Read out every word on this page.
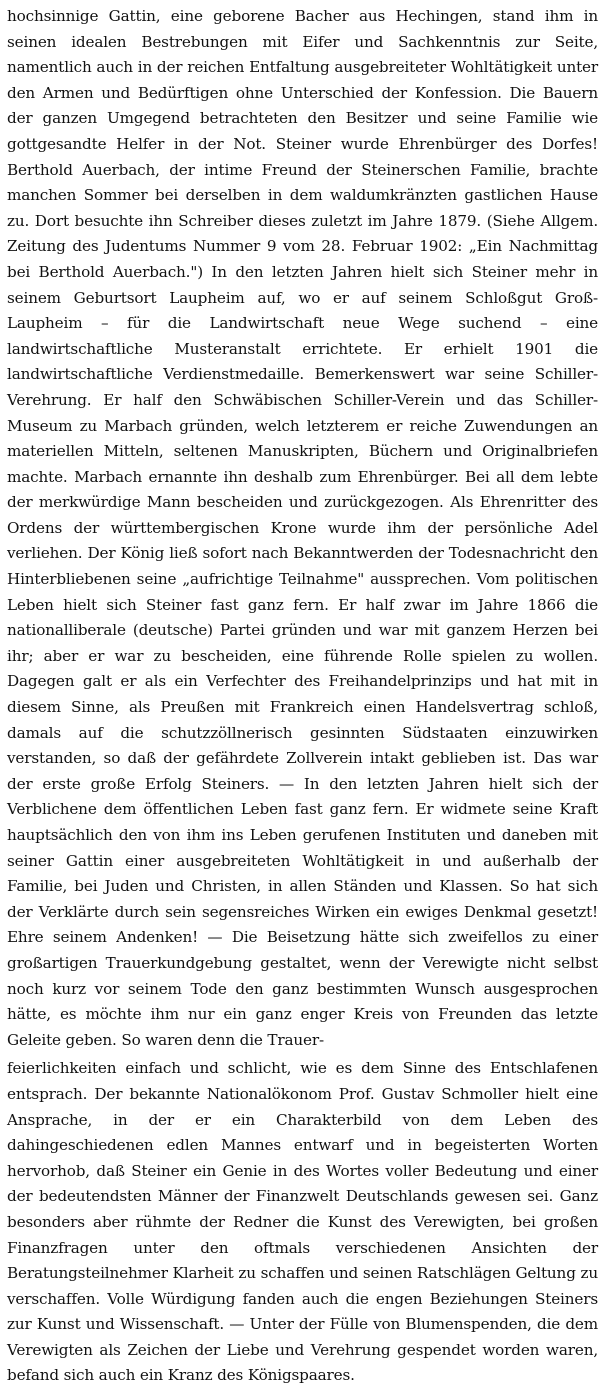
hochsinnige Gattin, eine geborene Bacher aus Hechingen, stand ihm in seinen idealen Bestrebungen mit Eifer und Sachkenntnis zur Seite, namentlich auch in der reichen Entfaltung ausgebreiteter Wohltätigkeit unter den Armen und Bedürftigen ohne Unterschied der Konfession. Die Bauern der ganzen Umgegend betrachteten den Besitzer und seine Familie wie gottgesandte Helfer in der Not. Steiner wurde Ehrenbürger des Dorfes! Berthold Auerbach, der intime Freund der Steinerschen Familie, brachte manchen Sommer bei derselben in dem waldumkränzten gastlichen Hause zu. Dort besuchte ihn Schreiber dieses zuletzt im Jahre 1879. (Siehe Allgem. Zeitung des Judentums Nummer 9 vom 28. Februar 1902: „Ein Nachmittag bei Berthold Auerbach.") In den letzten Jahren hielt sich Steiner mehr in seinem Geburtsort Laupheim auf, wo er auf seinem Schloßgut Groß-Laupheim – für die Landwirtschaft neue Wege suchend – eine landwirtschaftliche Musteranstalt errichtete. Er erhielt 1901 die landwirtschaftliche Verdienstmedaille. Bemerkenswert war seine Schiller-Verehrung. Er half den Schwäbischen Schiller-Verein und das Schiller-Museum zu Marbach gründen, welch letzterem er reiche Zuwendungen an materiellen Mitteln, seltenen Manuskripten, Büchern und Originalbriefen machte. Marbach ernannte ihn deshalb zum Ehrenbürger. Bei all dem lebte der merkwürdige Mann bescheiden und zurückgezogen. Als Ehrenritter des Ordens der württembergischen Krone wurde ihm der persönliche Adel verliehen. Der König ließ sofort nach Bekanntwerden der Todesnachricht den Hinterbliebenen seine „aufrichtige Teilnahme" aussprechen. Vom politischen Leben hielt sich Steiner fast ganz fern. Er half zwar im Jahre 1866 die nationalliberale (deutsche) Partei gründen und war mit ganzem Herzen bei ihr; aber er war zu bescheiden, eine führende Rolle spielen zu wollen. Dagegen galt er als ein Verfechter des Freihandelprinzips und hat mit in diesem Sinne, als Preußen mit Frankreich einen Handelsvertrag schloß, damals auf die schutzzöllnerisch gesinnten Südstaaten einzuwirken verstanden, so daß der gefährdete Zollverein intakt geblieben ist. Das war der erste große Erfolg Steiners. — In den letzten Jahren hielt sich der Verblichene dem öffentlichen Leben fast ganz fern. Er widmete seine Kraft hauptsächlich den von ihm ins Leben gerufenen Instituten und daneben mit seiner Gattin einer ausgebreiteten Wohltätigkeit in und außerhalb der Familie, bei Juden und Christen, in allen Ständen und Klassen. So hat sich der Verklärte durch sein segensreiches Wirken ein ewiges Denkmal gesetzt! Ehre seinem Andenken! — Die Beisetzung hätte sich zweifellos zu einer großartigen Trauerkundgebung gestaltet, wenn der Verewigte nicht selbst noch kurz vor seinem Tode den ganz bestimmten Wunsch ausgesprochen hätte, es möchte ihm nur ein ganz enger Kreis von Freunden das letzte Geleite geben. So waren denn die Trauer-

feierlichkeiten einfach und schlicht, wie es dem Sinne des Entschlafenen entsprach. Der bekannte Nationalökonom Prof. Gustav Schmoller hielt eine Ansprache, in der er ein Charakterbild von dem Leben des dahingeschiedenen edlen Mannes entwarf und in begeisterten Worten hervorhob, daß Steiner ein Genie in des Wortes voller Bedeutung und einer der bedeutendsten Männer der Finanzwelt Deutschlands gewesen sei. Ganz besonders aber rühmte der Redner die Kunst des Verewigten, bei großen Finanzfragen unter den oftmals verschiedenen Ansichten der Beratungsteilnehmer Klarheit zu schaffen und seinen Ratschlägen Geltung zu verschaffen. Volle Würdigung fanden auch die engen Beziehungen Steiners zur Kunst und Wissenschaft. — Unter der Fülle von Blumenspenden, die dem Verewigten als Zeichen der Liebe und Verehrung gespendet worden waren, befand sich auch ein Kranz des Königspaares.
